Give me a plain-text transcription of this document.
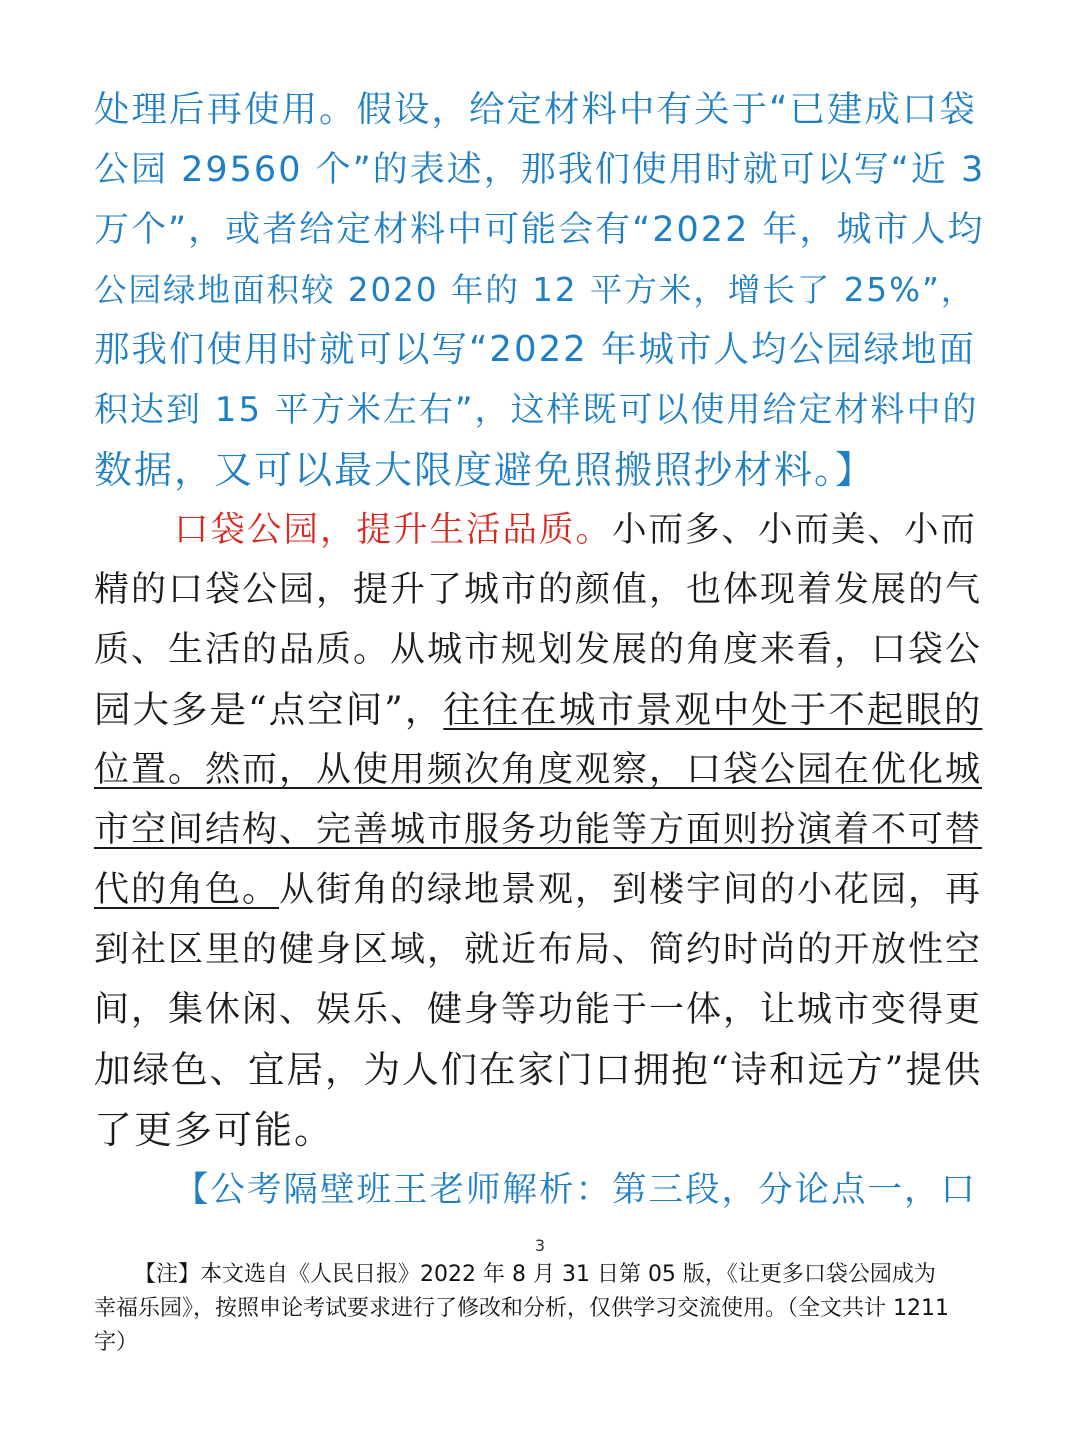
处理后再使用。假设，给定材料中有关于“已建成口袋
公园 29560 个”的表述，那我们使用时就可以写“近 3
万个”，或者给定材料中可能会有“2022 年，城市人均
公园绿地面积较 2020 年的 12 平方米，增长了 25%”，
那我们使用时就可以写“2022 年城市人均公园绿地面
积达到 15 平方米左右”，这样既可以使用给定材料中的
数据，又可以最大限度避免照搬照抄材料。】
口袋公园，提升生活品质。小而多、小而美、小而
精的口袋公园，提升了城市的颜值，也体现着发展的气
质、生活的品质。从城市规划发展的角度来看，口袋公
园大多是“点空间”，往往在城市景观中处于不起眼的
位置。然而，从使用频次角度观察，口袋公园在优化城
市空间结构、完善城市服务功能等方面则扮演着不可替
代的角色。从街角的绿地景观，到楼宇间的小花园，再
到社区里的健身区域，就近布局、简约时尚的开放性空
间，集休闲、娱乐、健身等功能于一体，让城市变得更
加绿色、宜居，为人们在家门口拥抱“诗和远方”提供
了更多可能。
【公考隔壁班王老师解析：第三段，分论点一，口
3
【注】本文选自《人民日报》2022 年 8 月 31 日第 05 版，《让更多口袋公园成为
幸福乐园》，按照申论考试要求进行了修改和分析，仅供学习交流使用。（全文共计 1211
字）
